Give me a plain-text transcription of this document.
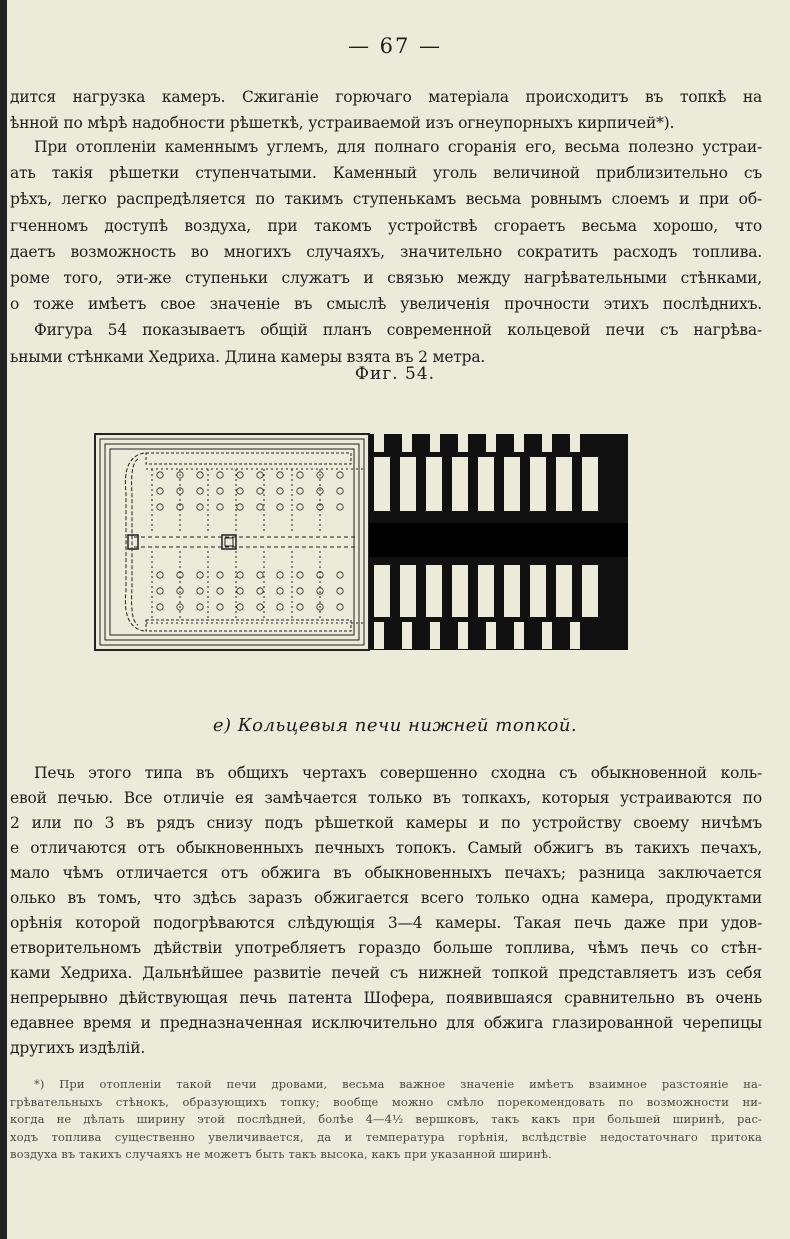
— 67 —
дится нагрузка камеръ. Сжиганіе горючаго матеріала происходитъ въ топкѣ на
ѣнной по мѣрѣ надобности рѣшеткѣ, устраиваемой изъ огнеупорныхъ кирпичей*).
При отопленіи каменнымъ углемъ, для полнаго сгоранія его, весьма полезно устраи-
ать такія рѣшетки ступенчатыми. Каменный уголь величиной приблизительно съ
рѣхъ, легко распредѣляется по такимъ ступенькамъ весьма ровнымъ слоемъ и при об-
гченномъ доступѣ воздуха, при такомъ устройствѣ сгораетъ весьма хорошо, что
даетъ возможность во многихъ случаяхъ, значительно сократить расходъ топлива.
роме того, эти-же ступеньки служатъ и связью между нагрѣвательными стѣнками,
о тоже имѣетъ свое значеніе въ смыслѣ увеличенія прочности этихъ послѣднихъ.
Фигура 54 показываетъ общій планъ современной кольцевой печи съ нагрѣва-
ьными стѣнками Хедриха. Длина камеры взята въ 2 метра.
Фиг. 54.
е) Кольцевыя печи нижней топкой.
Печь этого типа въ общихъ чертахъ совершенно сходна съ обыкновенной коль-
евой печью. Все отличіе ея замѣчается только въ топкахъ, которыя устраиваются по
2 или по 3 въ рядъ снизу подъ рѣшеткой камеры и по устройству своему ничѣмъ
е отличаются отъ обыкновенныхъ печныхъ топокъ. Самый обжигъ въ такихъ печахъ,
мало чѣмъ отличается отъ обжига въ обыкновенныхъ печахъ; разница заключается
олько въ томъ, что здѣсь заразъ обжигается всего только одна камера, продуктами
орѣнія которой подогрѣваются слѣдующія 3—4 камеры. Такая печь даже при удов-
етворительномъ дѣйствіи употребляетъ гораздо больше топлива, чѣмъ печь со стѣн-
ками Хедриха. Дальнѣйшее развитіе печей съ нижней топкой представляетъ изъ себя
непрерывно дѣйствующая печь патента Шофера, появившаяся сравнительно въ очень
едавнее время и предназначенная исключительно для обжига глазированной черепицы
другихъ издѣлій.
*) При отопленіи такой печи дровами, весьма важное значеніе имѣетъ взаимное разстояніе на-
грѣвательныхъ стѣнокъ, образующихъ топку; вообще можно смѣло порекомендовать по возможности ни-
когда не дѣлать ширину этой послѣдней, болѣе 4—4½ вершковъ, такъ какъ при большей ширинѣ, рас-
ходъ топлива существенно увеличивается, да и температура горѣнія, вслѣдствіе недостаточнаго притока
воздуха въ такихъ случаяхъ не можетъ быть такъ высока, какъ при указанной ширинѣ.
